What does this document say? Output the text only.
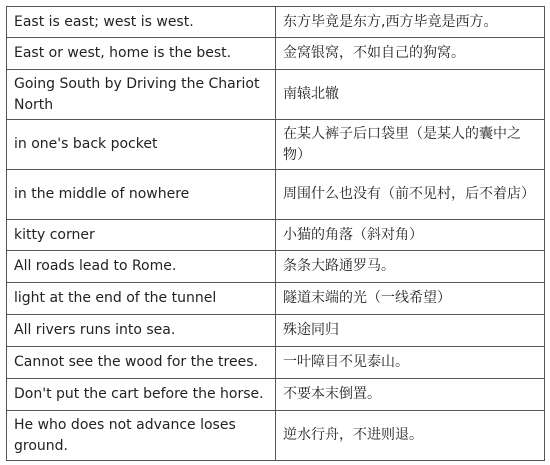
East is east; west is west.	东方毕竟是东方,西方毕竟是西方。
East or west, home is the best.	金窝银窝，不如自己的狗窝。
Going South by Driving the Chariot North	南辕北辙
in one's back pocket	在某人裤子后口袋里（是某人的囊中之物）
in the middle of nowhere	周围什么也没有（前不见村，后不着店）
kitty corner	小猫的角落（斜对角）
All roads lead to Rome.	条条大路通罗马。
light at the end of the tunnel	隧道末端的光（一线希望）
All rivers runs into sea.	殊途同归
Cannot see the wood for the trees.	一叶障目不见泰山。
Don't put the cart before the horse.	不要本末倒置。
He who does not advance loses ground.	逆水行舟，不进则退。
